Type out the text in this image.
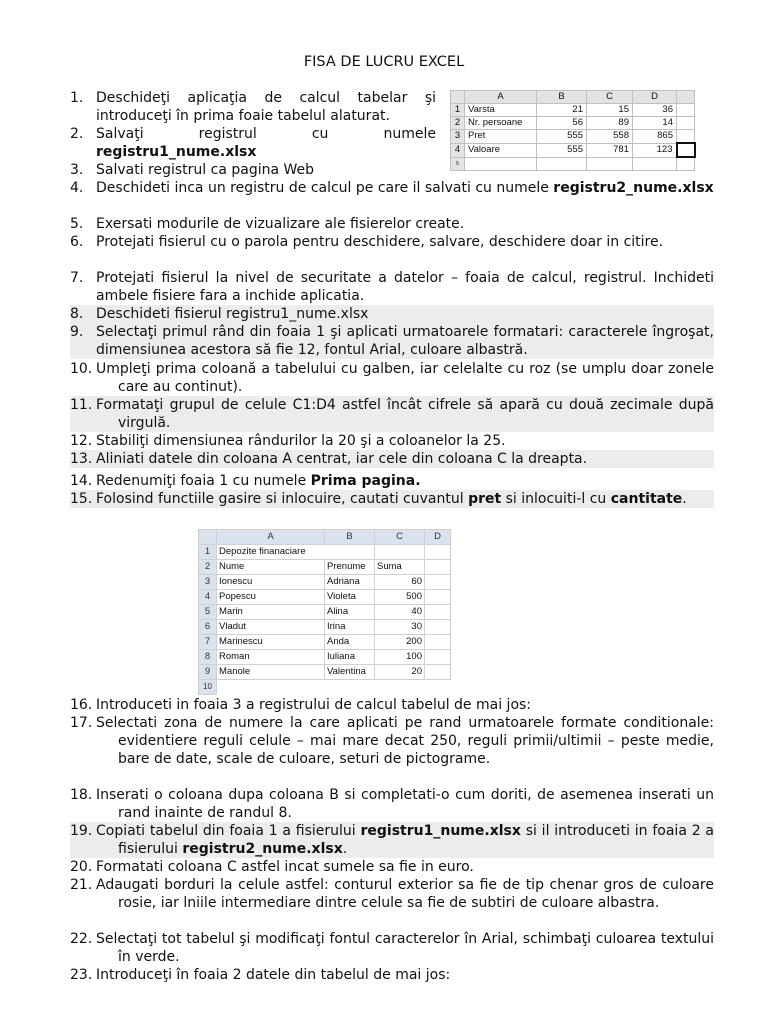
FISA DE LUCRU EXCEL
1. Deschideţi aplicaţia de calcul tabelar şi introduceţi în prima foaie tabelul alaturat.
2. Salvaţi registrul cu numele registru1_nume.xlsx
3. Salvati registrul ca pagina Web
4. Deschideti inca un registru de calcul pe care il salvati cu numele registru2_nume.xlsx
5. Exersati modurile de vizualizare ale fisierelor create.
6. Protejati fisierul cu o parola pentru deschidere, salvare, deschidere doar in citire.
7. Protejati fisierul la nivel de securitate a datelor – foaia de calcul, registrul. Inchideti ambele fisiere fara a inchide aplicatia.
8. Deschideti fisierul registru1_nume.xlsx
9. Selectaţi primul rând din foaia 1 şi aplicati urmatoarele formatari: caracterele îngroşat, dimensiunea acestora să fie 12, fontul Arial, culoare albastră.
10. Umpleţi prima coloană a tabelului cu galben, iar celelalte cu roz (se umplu doar zonele care au continut).
11. Formataţi grupul de celule C1:D4 astfel încât cifrele să apară cu două zecimale după virgulă.
12. Stabiliţi dimensiunea rândurilor la 20 şi a coloanelor la 25.
13. Aliniati datele din coloana A centrat, iar cele din coloana C la dreapta.
14. Redenumiţi foaia 1 cu numele Prima pagina.
15. Folosind functiile gasire si inlocuire, cautati cuvantul pret si inlocuiti-l cu cantitate.
16. Introduceti in foaia 3 a registrului de calcul tabelul de mai jos:
17. Selectati zona de numere la care aplicati pe rand urmatoarele formate conditionale: evidentiere reguli celule – mai mare decat 250, reguli primii/ultimii – peste medie, bare de date, scale de culoare, seturi de pictograme.
18. Inserati o coloana dupa coloana B si completati-o cum doriti, de asemenea inserati un rand inainte de randul 8.
19. Copiati tabelul din foaia 1 a fisierului registru1_nume.xlsx si il introduceti in foaia 2 a fisierului registru2_nume.xlsx.
20. Formatati coloana C astfel incat sumele sa fie in euro.
21. Adaugati borduri la celule astfel: conturul exterior sa fie de tip chenar gros de culoare rosie, iar lniile intermediare dintre celule sa fie de subtiri de culoare albastra.
22. Selectaţi tot tabelul şi modificaţi fontul caracterelor în Arial, schimbaţi culoarea textului în verde.
23. Introduceţi în foaia 2 datele din tabelul de mai jos:
	A	B	C	D	
1	Varsta	21	15	36	
2	Nr. persoane	56	89	14	
3	Pret	555	558	865	
4	Valoare	555	781	123	
5					
	A	B	C	D
1	Depozite finanaciare			
2	Nume	Prenume	Suma	
3	Ionescu	Adriana	60	
4	Popescu	Violeta	500	
5	Marin	Alina	40	
6	Vladut	Irina	30	
7	Marinescu	Anda	200	
8	Roman	Iuliana	100	
9	Manole	Valentina	20	
10				
